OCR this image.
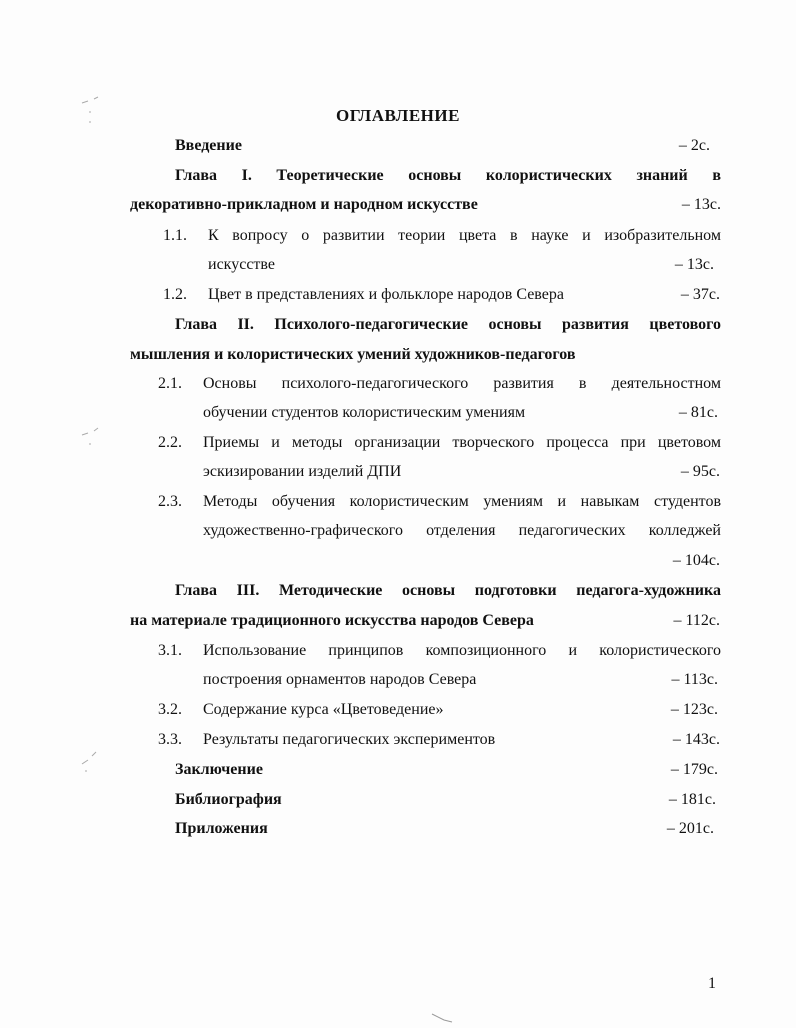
ОГЛАВЛЕНИЕ
Введение	– 2с.
Глава I. Теоретические основы колористических знаний в
декоративно-прикладном и народном искусстве	– 13с.
1.1. К вопросу о развитии теории цвета в науке и изобразительном
искусстве	– 13с.
1.2. Цвет в представлениях и фольклоре народов Севера	– 37с.
Глава II. Психолого-педагогические основы развития цветового
мышления и колористических умений художников-педагогов
2.1. Основы психолого-педагогического развития в деятельностном
обучении студентов колористическим умениям	– 81с.
2.2. Приемы и методы организации творческого процесса при цветовом
эскизировании изделий ДПИ	– 95с.
2.3. Методы обучения колористическим умениям и навыкам студентов
художественно-графического отделения педагогических колледжей
– 104с.
Глава III. Методические основы подготовки педагога-художника
на материале традиционного искусства народов Севера	– 112с.
3.1. Использование принципов композиционного и колористического
построения орнаментов народов Севера	– 113с.
3.2. Содержание курса «Цветоведение»	– 123с.
3.3. Результаты педагогических экспериментов	– 143с.
Заключение	– 179с.
Библиография	– 181с.
Приложения	– 201с.
1
